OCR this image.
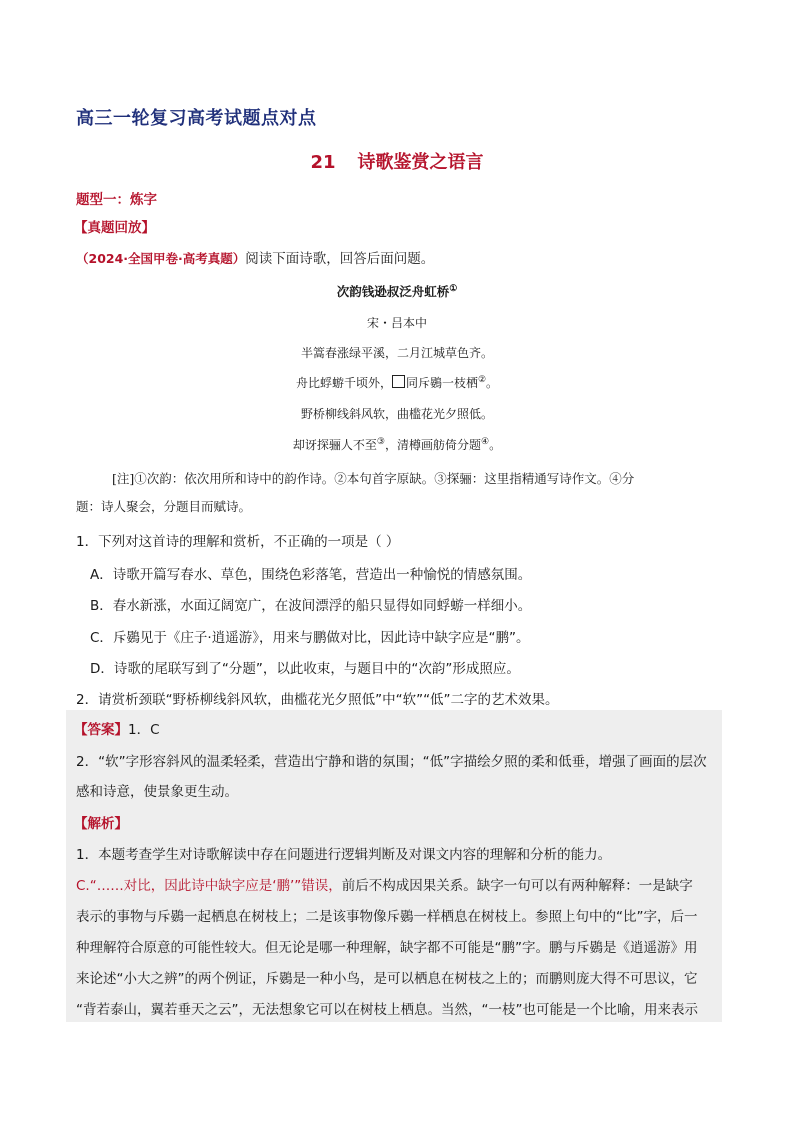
高三一轮复习高考试题点对点
21 诗歌鉴赏之语言
题型一：炼字
【真题回放】
（2024·全国甲卷·高考真题）阅读下面诗歌，回答后面问题。
次韵钱逊叔泛舟虹桥①
宋・吕本中
半篙春涨绿平溪，二月江城草色齐。
舟比蜉蝣千顷外， 同斥鷃一枝栖②。
野桥柳线斜风软，曲槛花光夕照低。
却讶探骊人不至③，清樽画舫倚分题④。
[注]①次韵：依次用所和诗中的韵作诗。②本句首字原缺。③探骊：这里指精通写诗作文。④分
题：诗人聚会，分题目而赋诗。
1．下列对这首诗的理解和赏析，不正确的一项是（ ）
A．诗歌开篇写春水、草色，围绕色彩落笔，营造出一种愉悦的情感氛围。
B．春水新涨，水面辽阔宽广，在波间漂浮的船只显得如同蜉蝣一样细小。
C．斥鷃见于《庄子·逍遥游》，用来与鹏做对比，因此诗中缺字应是“鹏”。
D．诗歌的尾联写到了“分题”，以此收束，与题目中的“次韵”形成照应。
2．请赏析颈联“野桥柳线斜风软，曲槛花光夕照低”中“软”“低”二字的艺术效果。
【答案】1．C
2．“软”字形容斜风的温柔轻柔，营造出宁静和谐的氛围；“低”字描绘夕照的柔和低垂，增强了画面的层次
感和诗意，使景象更生动。
【解析】
1．本题考查学生对诗歌解读中存在问题进行逻辑判断及对课文内容的理解和分析的能力。
C.“……对比，因此诗中缺字应是‘鹏’”错误，前后不构成因果关系。缺字一句可以有两种解释：一是缺字
表示的事物与斥鷃一起栖息在树枝上；二是该事物像斥鷃一样栖息在树枝上。参照上句中的“比”字，后一
种理解符合原意的可能性较大。但无论是哪一种理解，缺字都不可能是“鹏”字。鹏与斥鷃是《逍遥游》用
来论述“小大之辨”的两个例证，斥鷃是一种小鸟，是可以栖息在树枝之上的；而鹏则庞大得不可思议，它
“背若泰山，翼若垂天之云”，无法想象它可以在树枝上栖息。当然，“一枝”也可能是一个比喻，用来表示
